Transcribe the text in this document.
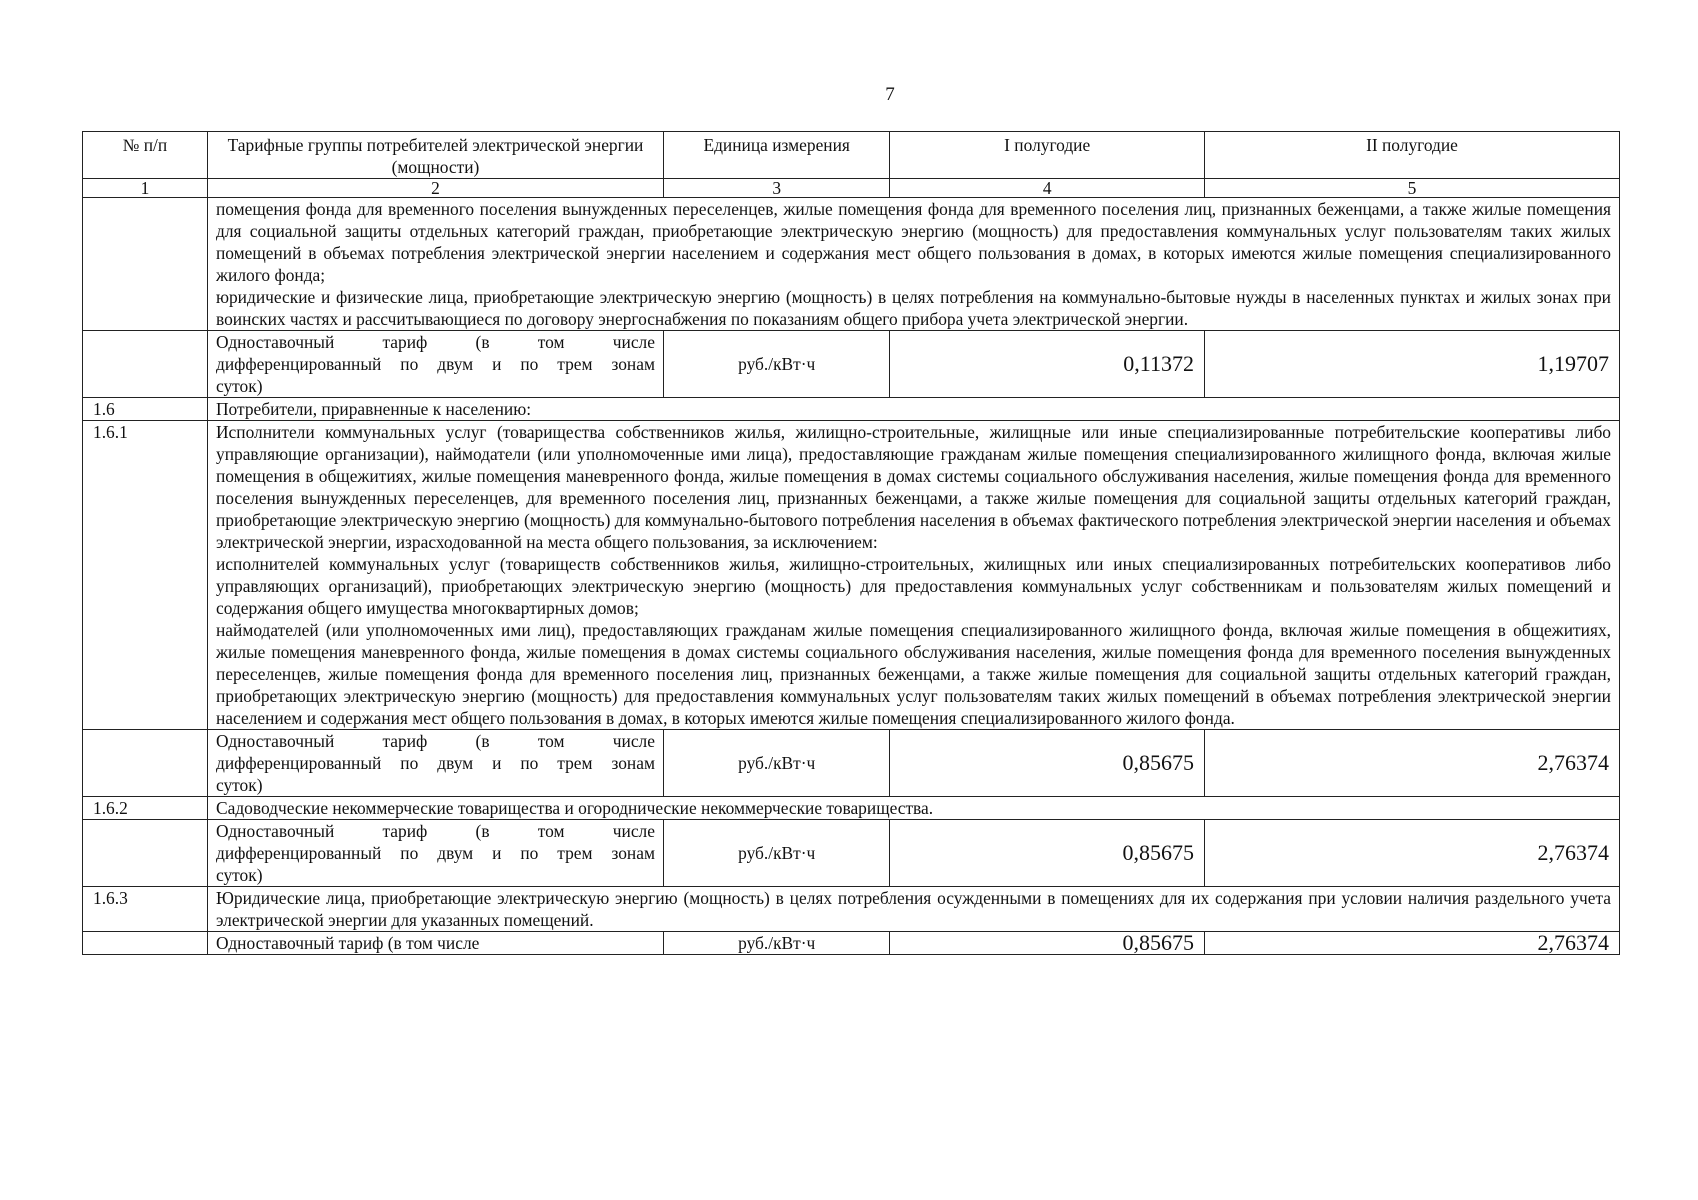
7
№ п/п	Тарифные группы потребителей электрической энергии (мощности)	Единица измерения	I полугодие	II полугодие
1	2	3	4	5

	помещения фонда для временного поселения вынужденных переселенцев, жилые помещения фонда для временного поселения лиц, признанных беженцами, а также жилые помещения для социальной защиты отдельных категорий граждан, приобретающие электрическую энергию (мощность) для предоставления коммунальных услуг пользователям таких жилых помещений в объемах потребления электрической энергии населением и содержания мест общего пользования в домах, в которых имеются жилые помещения специализированного жилого фонда;

юридические и физические лица, приобретающие электрическую энергию (мощность) в целях потребления на коммунально-бытовые нужды в населенных пунктах и жилых зонах при воинских частях и рассчитывающиеся по договору энергоснабжения по показаниям общего прибора учета электрической энергии.			

	Одноставочный тариф (в том числе
дифференцированный по двум и по трем зонам
суток)	руб./кВт·ч	0,11372	1,19707
1.6	Потребители, приравненные к населению:			
1.6.1	Исполнители коммунальных услуг (товарищества собственников жилья, жилищно-строительные, жилищные или иные специализированные потребительские кооперативы либо управляющие организации), наймодатели (или уполномоченные ими лица), предоставляющие гражданам жилые помещения специализированного жилищного фонда, включая жилые помещения в общежитиях, жилые помещения маневренного фонда, жилые помещения в домах системы социального обслуживания населения, жилые помещения фонда для временного поселения вынужденных переселенцев, для временного поселения лиц, признанных беженцами, а также жилые помещения для социальной защиты отдельных категорий граждан, приобретающие электрическую энергию (мощность) для коммунально-бытового потребления населения в объемах фактического потребления электрической энергии населения и объемах электрической энергии, израсходованной на места общего пользования, за исключением:

исполнителей коммунальных услуг (товариществ собственников жилья, жилищно-строительных, жилищных или иных специализированных потребительских кооперативов либо управляющих организаций), приобретающих электрическую энергию (мощность) для предоставления коммунальных услуг собственникам и пользователям жилых помещений и содержания общего имущества многоквартирных домов;

наймодателей (или уполномоченных ими лиц), предоставляющих гражданам жилые помещения специализированного жилищного фонда, включая жилые помещения в общежитиях, жилые помещения маневренного фонда, жилые помещения в домах системы социального обслуживания населения, жилые помещения фонда для временного поселения вынужденных переселенцев, жилые помещения фонда для временного поселения лиц, признанных беженцами, а также жилые помещения для социальной защиты отдельных категорий граждан, приобретающих электрическую энергию (мощность) для предоставления коммунальных услуг пользователям таких жилых помещений в объемах потребления электрической энергии населением и содержания мест общего пользования в домах, в которых имеются жилые помещения специализированного жилого фонда.			

	Одноставочный тариф (в том числе
дифференцированный по двум и по трем зонам
суток)	руб./кВт·ч	0,85675	2,76374
1.6.2	Садоводческие некоммерческие товарищества и огороднические некоммерческие товарищества.			

	Одноставочный тариф (в том числе
дифференцированный по двум и по трем зонам
суток)	руб./кВт·ч	0,85675	2,76374
1.6.3	Юридические лица, приобретающие электрическую энергию (мощность) в целях потребления осужденными в помещениях для их содержания при условии наличия раздельного учета электрической энергии для указанных помещений.			

	Одноставочный тариф (в том числе	руб./кВт·ч	0,85675	2,76374
